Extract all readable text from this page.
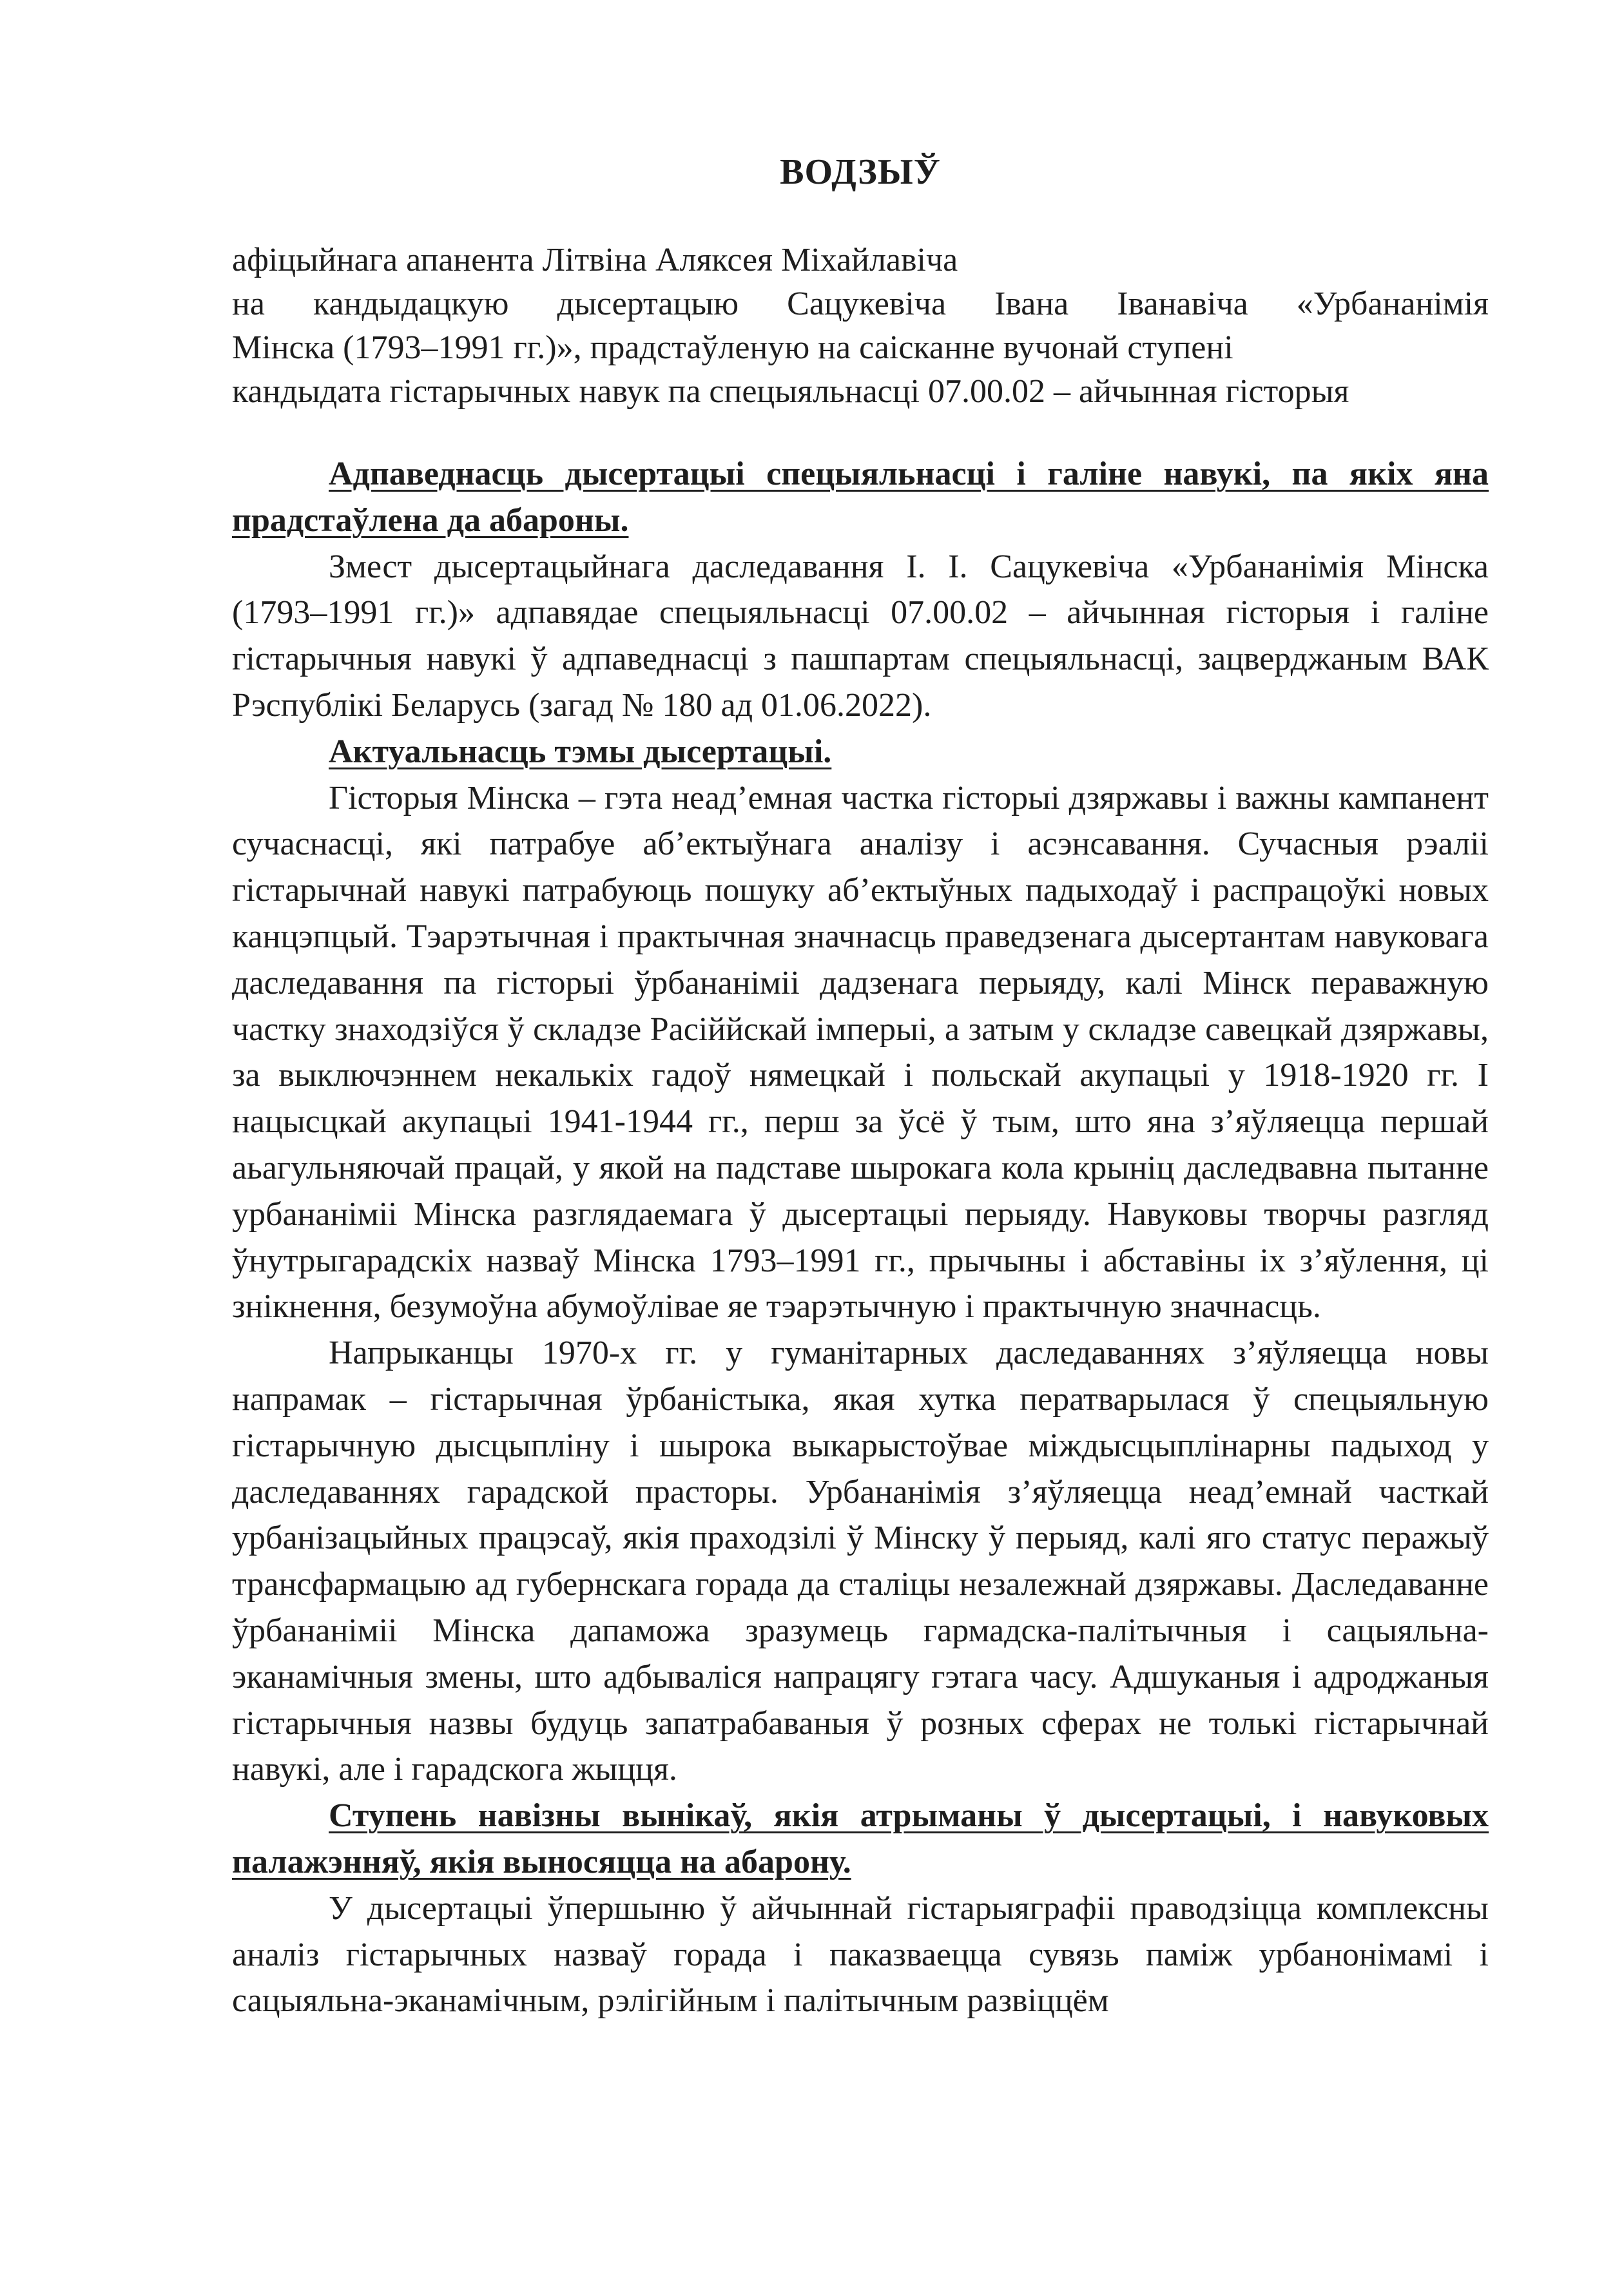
ВОДЗЫЎ
афіцыйнага апанента Літвіна Аляксея Міхайлавіча
на кандыдацкую дысертацыю Сацукевіча Івана Іванавіча «Урбананімія
Мінска (1793–1991 гг.)», прадстаўленую на саісканне вучонай ступені
кандыдата гістарычных навук па спецыяльнасці 07.00.02 – айчынная гісторыя

Адпаведнасць дысертацыі спецыяльнасці і галіне навукі, па якіх яна прадстаўлена да абароны.

Змест дысертацыйнага даследавання І. І. Сацукевіча «Урбананімія Мінска (1793–1991 гг.)» адпавядае спецыяльнасці 07.00.02 – айчынная гісторыя і галіне гістарычныя навукі ў адпаведнасці з пашпартам спецыяльнасці, зацверджаным ВАК Рэспублікі Беларусь (загад № 180 ад 01.06.2022).

Актуальнасць тэмы дысертацыі.

Гісторыя Мінска – гэта неад’емная частка гісторыі дзяржавы і важны кампанент сучаснасці, які патрабуе аб’ектыўнага аналізу і асэнсавання. Сучасныя рэаліі гістарычнай навукі патрабуюць пошуку аб’ектыўных падыходаў і распрацоўкі новых канцэпцый. Тэарэтычная і практычная значнасць праведзенага дысертантам навуковага даследавання па гісторыі ўрбананіміі дадзенага перыяду, калі Мінск пераважную частку знаходзіўся ў складзе Расіййскай імперыі, а затым у складзе савецкай дзяржавы, за выключэннем некалькіх гадоў нямецкай і польскай акупацыі у 1918-1920 гг. І нацысцкай акупацыі 1941-1944 гг., перш за ўсё ў тым, што яна з’яўляецца першай аьагульняючай працай, у якой на падставе шырокага кола крыніц даследвавна пытанне урбананіміі Мінска разглядаемага ў дысертацыі перыяду. Навуковы творчы разгляд ўнутрыгарадскіх назваў Мінска 1793–1991 гг., прычыны і абставіны іх з’яўлення, ці знікнення, безумоўна абумоўлівае яе тэарэтычную і практычную значнасць.

Напрыканцы 1970-х гг. у гуманітарных даследаваннях з’яўляецца новы напрамак – гістарычная ўрбаністыка, якая хутка ператварылася ў спецыяльную гістарычную дысцыпліну і шырока выкарыстоўвае міждысцыплінарны падыход у даследаваннях гарадской прасторы. Урбананімія з’яўляецца неад’емнай часткай урбанізацыйных працэсаў, якія праходзілі ў Мінску ў перыяд, калі яго статус перажыў трансфармацыю ад губернскага горада да сталіцы незалежнай дзяржавы. Даследаванне ўрбананіміі Мінска дапаможа зразумець гармадска-палітычныя і сацыяльна-эканамічныя змены, што адбываліся напрацягу гэтага часу. Адшуканыя і адроджаныя гістарычныя назвы будуць запатрабаваныя ў розных сферах не толькі гістарычнай навукі, але і гарадскога жыцця.

Ступень навізны вынікаў, якія атрыманы ў дысертацыі, і навуковых палажэнняў, якія выносяцца на абарону.

У дысертацыі ўпершыню ў айчыннай гістарыяграфіі праводзіцца комплексны аналіз гістарычных назваў горада і паказваецца сувязь паміж урбанонімамі і сацыяльна-эканамічным, рэлігійным і палітычным развіццём
